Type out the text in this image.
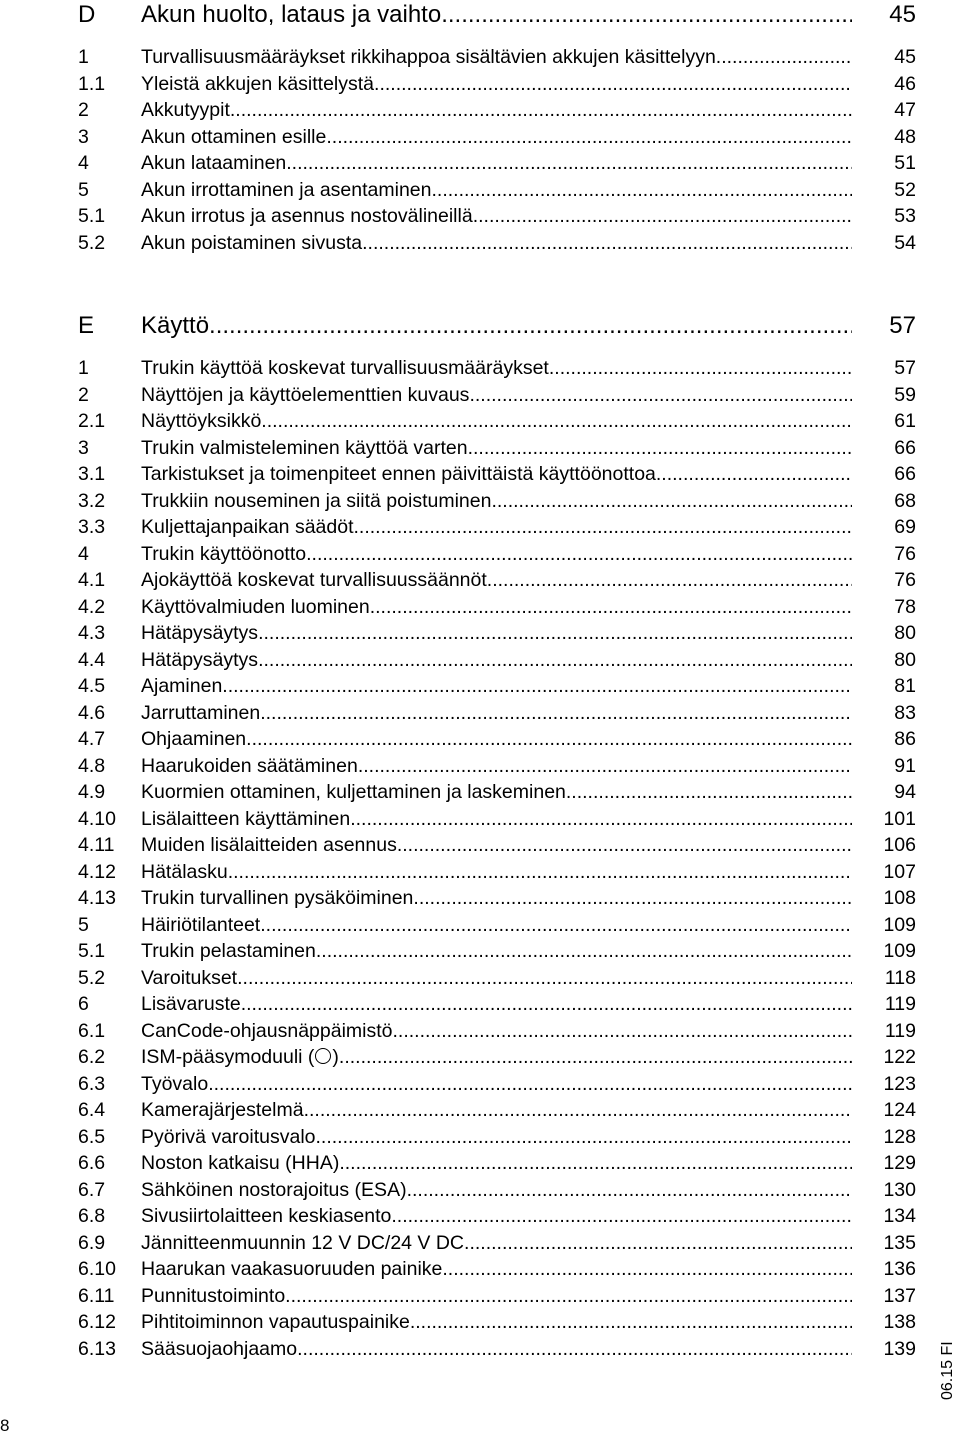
D	Akun huolto, lataus ja vaihto .....	45
1	Turvallisuusmääräykset rikkihappoa sisältävien akkujen käsittelyyn .....	45
1.1	Yleistä akkujen käsittelystä .....	46
2	Akkutyypit .....	47
3	Akun ottaminen esille .....	48
4	Akun lataaminen .....	51
5	Akun irrottaminen ja asentaminen .....	52
5.1	Akun irrotus ja asennus nostovälineillä .....	53
5.2	Akun poistaminen sivusta .....	54
E	Käyttö .....	57
1	Trukin käyttöä koskevat turvallisuusmääräykset .....	57
2	Näyttöjen ja käyttöelementtien kuvaus .....	59
2.1	Näyttöyksikkö .....	61
3	Trukin valmisteleminen käyttöä varten .....	66
3.1	Tarkistukset ja toimenpiteet ennen päivittäistä käyttöönottoa .....	66
3.2	Trukkiin nouseminen ja siitä poistuminen .....	68
3.3	Kuljettajanpaikan säädöt .....	69
4	Trukin käyttöönotto .....	76
4.1	Ajokäyttöä koskevat turvallisuussäännöt .....	76
4.2	Käyttövalmiuden luominen .....	78
4.3	Hätäpysäytys .....	80
4.4	Hätäpysäytys .....	80
4.5	Ajaminen .....	81
4.6	Jarruttaminen .....	83
4.7	Ohjaaminen .....	86
4.8	Haarukoiden säätäminen .....	91
4.9	Kuormien ottaminen, kuljettaminen ja laskeminen .....	94
4.10	Lisälaitteen käyttäminen .....	101
4.11	Muiden lisälaitteiden asennus .....	106
4.12	Hätälasku .....	107
4.13	Trukin turvallinen pysäköiminen .....	108
5	Häiriötilanteet .....	109
5.1	Trukin pelastaminen .....	109
5.2	Varoitukset .....	118
6	Lisävaruste .....	119
6.1	CanCode-ohjausnäppäimistö .....	119
6.2	ISM-pääsymoduuli ( ) .....	122
6.3	Työvalo .....	123
6.4	Kamerajärjestelmä .....	124
6.5	Pyörivä varoitusvalo .....	128
6.6	Noston katkaisu (HHA) .....	129
6.7	Sähköinen nostorajoitus (ESA) .....	130
6.8	Sivusiirtolaitteen keskiasento .....	134
6.9	Jännitteenmuunnin 12 V DC/24 V DC .....	135
6.10	Haarukan vaakasuoruuden painike .....	136
6.11	Punnitustoiminto .....	137
6.12	Pihtitoiminnon vapautuspainike .....	138
6.13	Sääsuojaohjaamo .....	139 06.15 FI
8
